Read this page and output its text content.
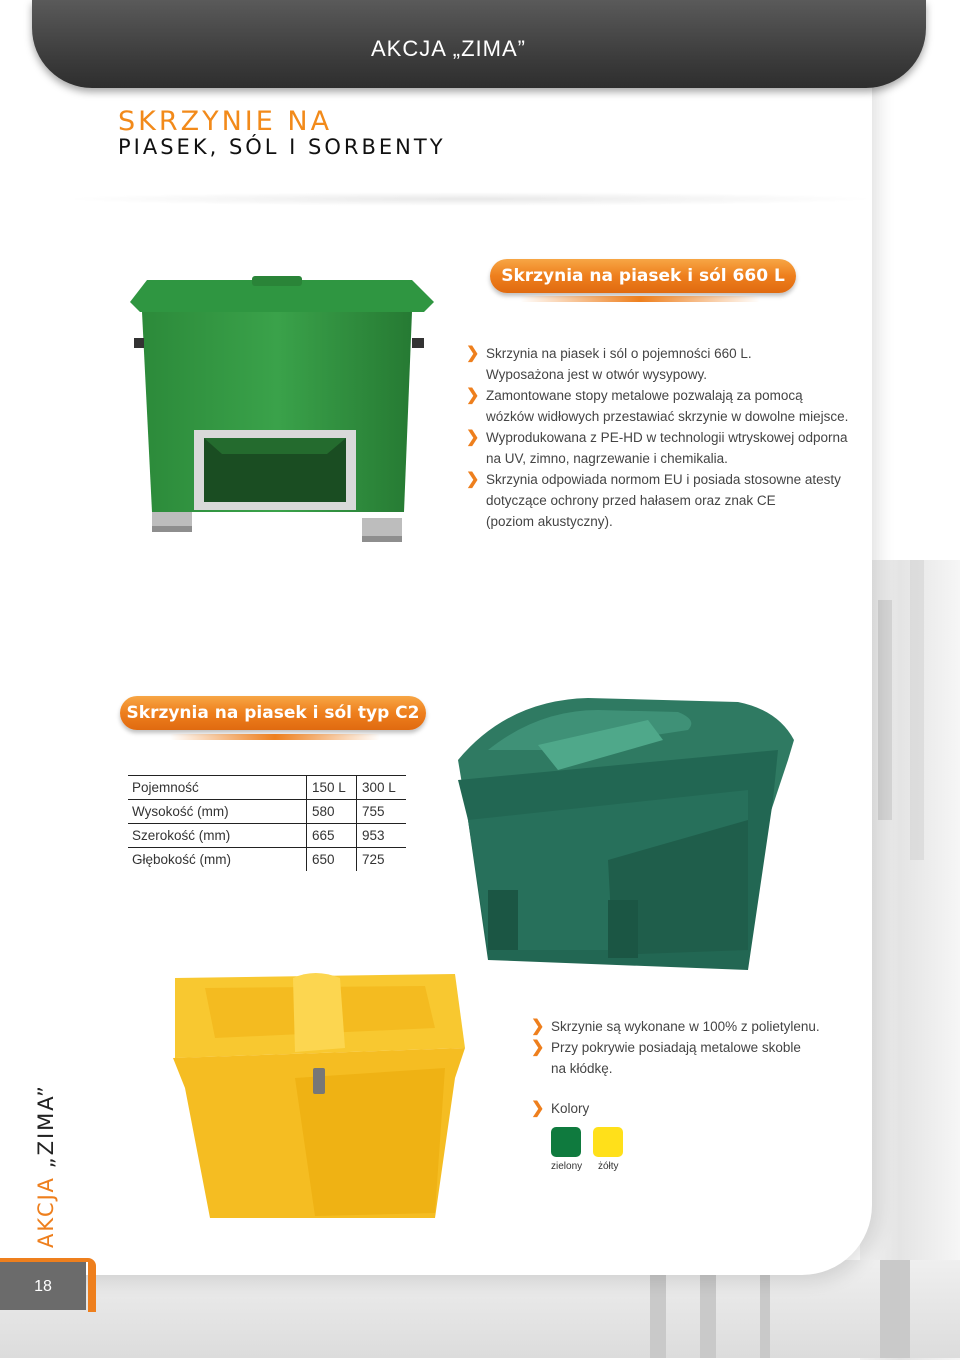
AKCJA „ZIMA”
SKRZYNIE NA
PIASEK, SÓL I SORBENTY
Skrzynia na piasek i sól 660 L
❯ Skrzynia na piasek i sól o pojemności 660 L.
Wyposażona jest w otwór wysypowy.
❯ Zamontowane stopy metalowe pozwalają za pomocą
wózków widłowych przestawiać skrzynie w dowolne miejsce.
❯ Wyprodukowana z PE-HD w technologii wtryskowej odporna
na UV, zimno, nagrzewanie i chemikalia.
❯ Skrzynia odpowiada normom EU i posiada stosowne atesty
dotyczące ochrony przed hałasem oraz znak CE
(poziom akustyczny).
Skrzynia na piasek i sól typ C2
Pojemność	150 L	300 L
Wysokość (mm)	580	755
Szerokość (mm)	665	953
Głębokość (mm)	650	725
❯ Skrzynie są wykonane w 100% z polietylenu.
❯ Przy pokrywie posiadają metalowe skoble
na kłódkę.
❯ Kolory
zielony żółty
AKCJA „ZIMA”
18
